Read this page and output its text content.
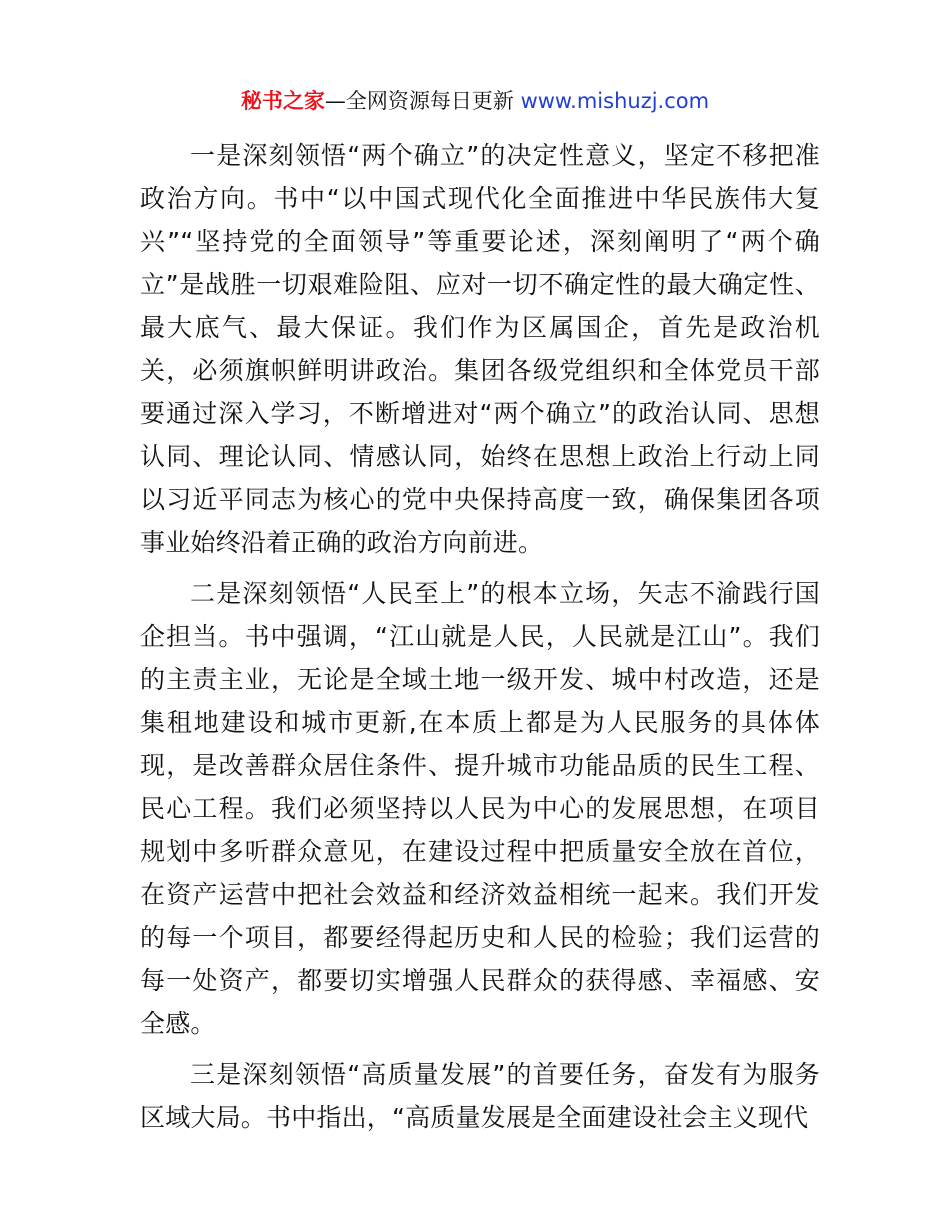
秘书之家—全网资源每日更新 www.mishuzj.com

一是深刻领悟“两个确立”的决定性意义，坚定不移把准政治方向。书中“以中国式现代化全面推进中华民族伟大复兴”“坚持党的全面领导”等重要论述，深刻阐明了“两个确立”是战胜一切艰难险阻、应对一切不确定性的最大确定性、最大底气、最大保证。我们作为区属国企，首先是政治机关，必须旗帜鲜明讲政治。集团各级党组织和全体党员干部要通过深入学习，不断增进对“两个确立”的政治认同、思想认同、理论认同、情感认同，始终在思想上政治上行动上同以习近平同志为核心的党中央保持高度一致，确保集团各项事业始终沿着正确的政治方向前进。

二是深刻领悟“人民至上”的根本立场，矢志不渝践行国企担当。书中强调，“江山就是人民，人民就是江山”。我们的主责主业，无论是全域土地一级开发、城中村改造，还是集租地建设和城市更新,在本质上都是为人民服务的具体体现，是改善群众居住条件、提升城市功能品质的民生工程、民心工程。我们必须坚持以人民为中心的发展思想，在项目规划中多听群众意见，在建设过程中把质量安全放在首位，在资产运营中把社会效益和经济效益相统一起来。我们开发的每一个项目，都要经得起历史和人民的检验；我们运营的每一处资产，都要切实增强人民群众的获得感、幸福感、安全感。

三是深刻领悟“高质量发展”的首要任务，奋发有为服务区域大局。书中指出，“高质量发展是全面建设社会主义现代
